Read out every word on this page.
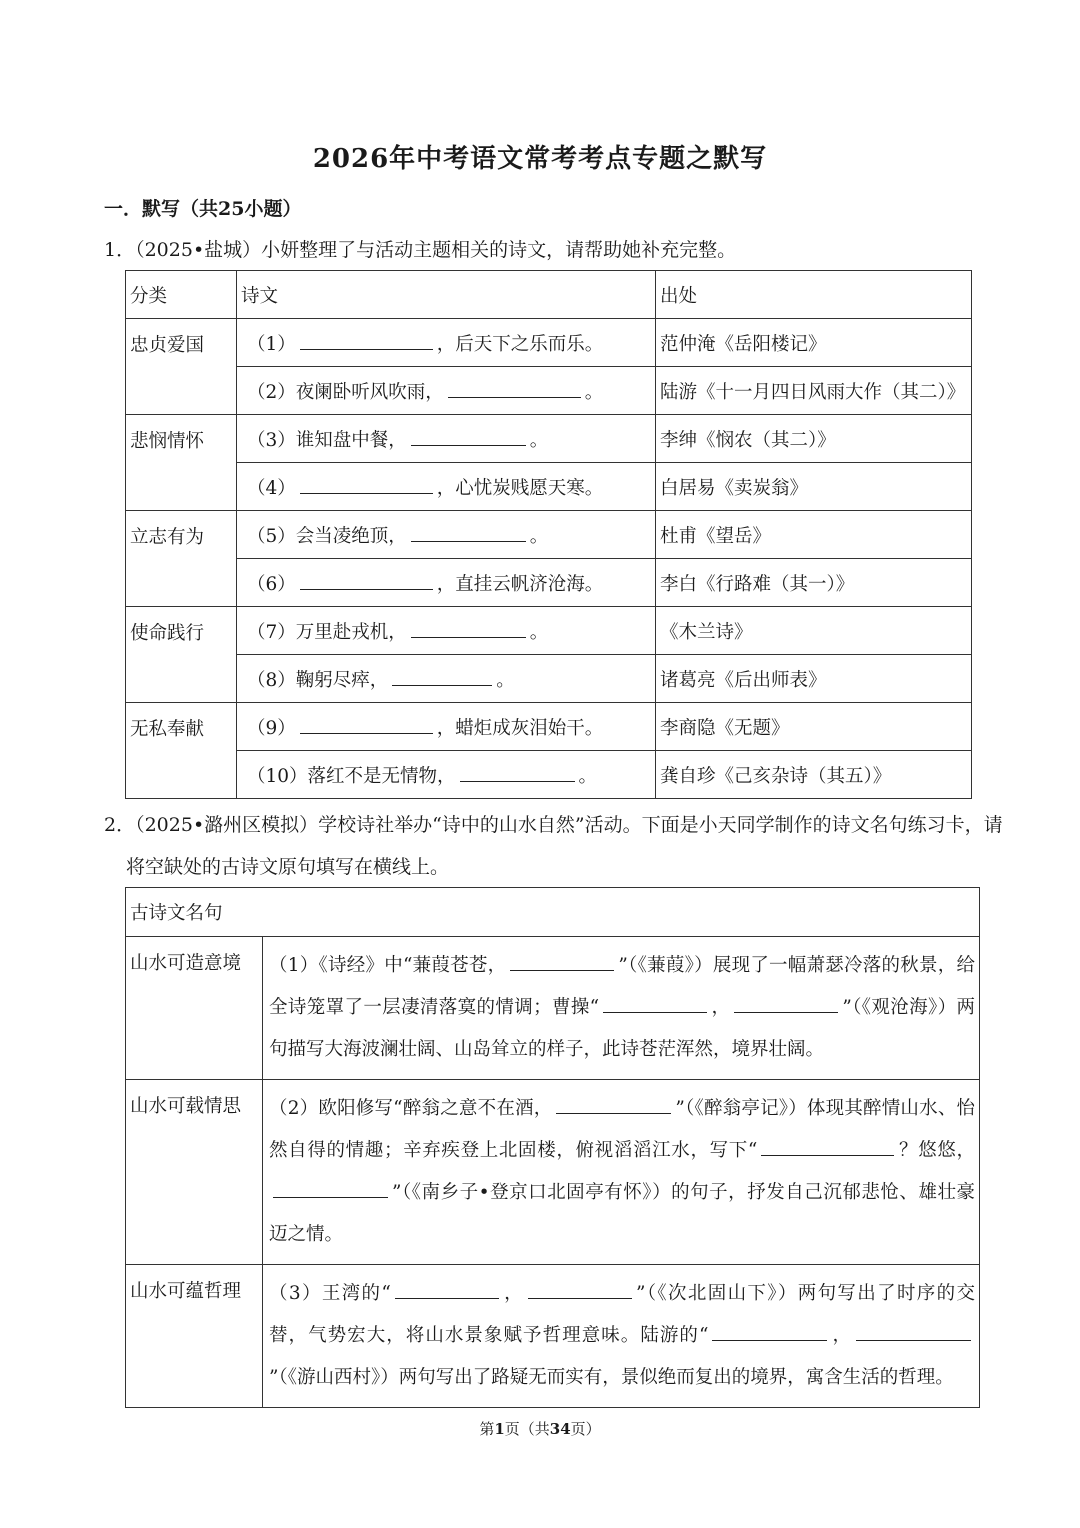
2026年中考语文常考考点专题之默写
一．默写（共25小题）
1．（2025•盐城）小妍整理了与活动主题相关的诗文，请帮助她补充完整。
分类	诗文	出处
忠贞爱国	（1） ，后天下之乐而乐。	范仲淹《岳阳楼记》
	（2）夜阑卧听风吹雨， 。	陆游《十一月四日风雨大作（其二）》
悲悯情怀	（3）谁知盘中餐， 。	李绅《悯农（其二）》
	（4） ，心忧炭贱愿天寒。	白居易《卖炭翁》
立志有为	（5）会当凌绝顶， 。	杜甫《望岳》
	（6） ，直挂云帆济沧海。	李白《行路难（其一）》
使命践行	（7）万里赴戎机， 。	《木兰诗》
	（8）鞠躬尽瘁， 。	诸葛亮《后出师表》
无私奉献	（9） ，蜡炬成灰泪始干。	李商隐《无题》
	（10）落红不是无情物， 。	龚自珍《己亥杂诗（其五）》
2．（2025•潞州区模拟）学校诗社举办“诗中的山水自然”活动。下面是小天同学制作的诗文名句练习卡，请
将空缺处的古诗文原句填写在横线上。
古诗文名句	
山水可造意境	（1）《诗经》中“蒹葭苍苍， ”（《蒹葭》）展现了一幅萧瑟冷落的秋景，给全诗笼罩了一层凄清落寞的情调；曹操“ ， ”（《观沧海》）两句描写大海波澜壮阔、山岛耸立的样子，此诗苍茫浑然，境界壮阔。
山水可载情思	（2）欧阳修写“醉翁之意不在酒， ”（《醉翁亭记》）体现其醉情山水、怡然自得的情趣；辛弃疾登上北固楼，俯视滔滔江水，写下“ ？悠悠，”（《南乡子•登京口北固亭有怀》）的句子，抒发自己沉郁悲怆、雄壮豪迈之情。
山水可蕴哲理	（3）王湾的“ ， ”（《次北固山下》）两句写出了时序的交替，气势宏大，将山水景象赋予哲理意味。陆游的“ ，”（《游山西村》）两句写出了路疑无而实有，景似绝而复出的境界，寓含生活的哲理。
第1页（共34页）
